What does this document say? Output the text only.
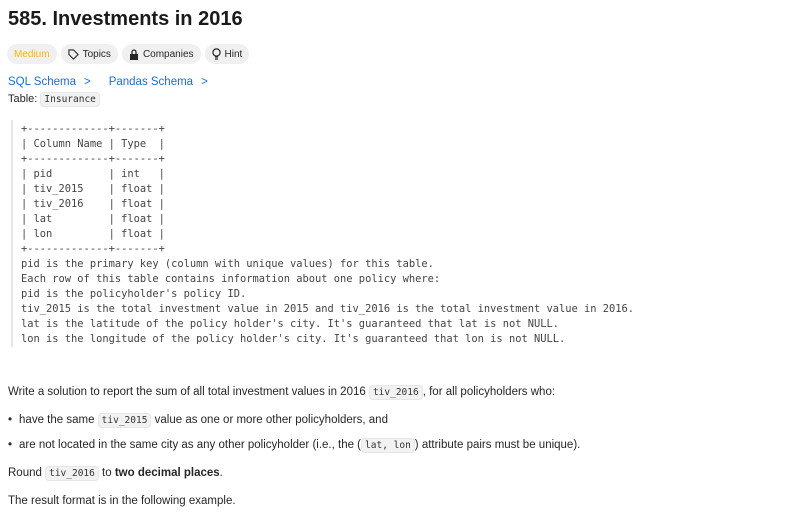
585. Investments in 2016
Medium	Topics	Companies	Hint
SQL Schema > Pandas Schema >
Table: Insurance
+-------------+-------+
| Column Name | Type  |
+-------------+-------+
| pid         | int   |
| tiv_2015    | float |
| tiv_2016    | float |
| lat         | float |
| lon         | float |
+-------------+-------+
pid is the primary key (column with unique values) for this table.
Each row of this table contains information about one policy where:
pid is the policyholder's policy ID.
tiv_2015 is the total investment value in 2015 and tiv_2016 is the total investment value in 2016.
lat is the latitude of the policy holder's city. It's guaranteed that lat is not NULL.
lon is the longitude of the policy holder's city. It's guaranteed that lon is not NULL.
Write a solution to report the sum of all total investment values in 2016 tiv_2016 , for all policyholders who:
• have the same tiv_2015 value as one or more other policyholders, and
• are not located in the same city as any other policyholder (i.e., the ( lat, lon ) attribute pairs must be unique).
Round tiv_2016 to two decimal places.
The result format is in the following example.
